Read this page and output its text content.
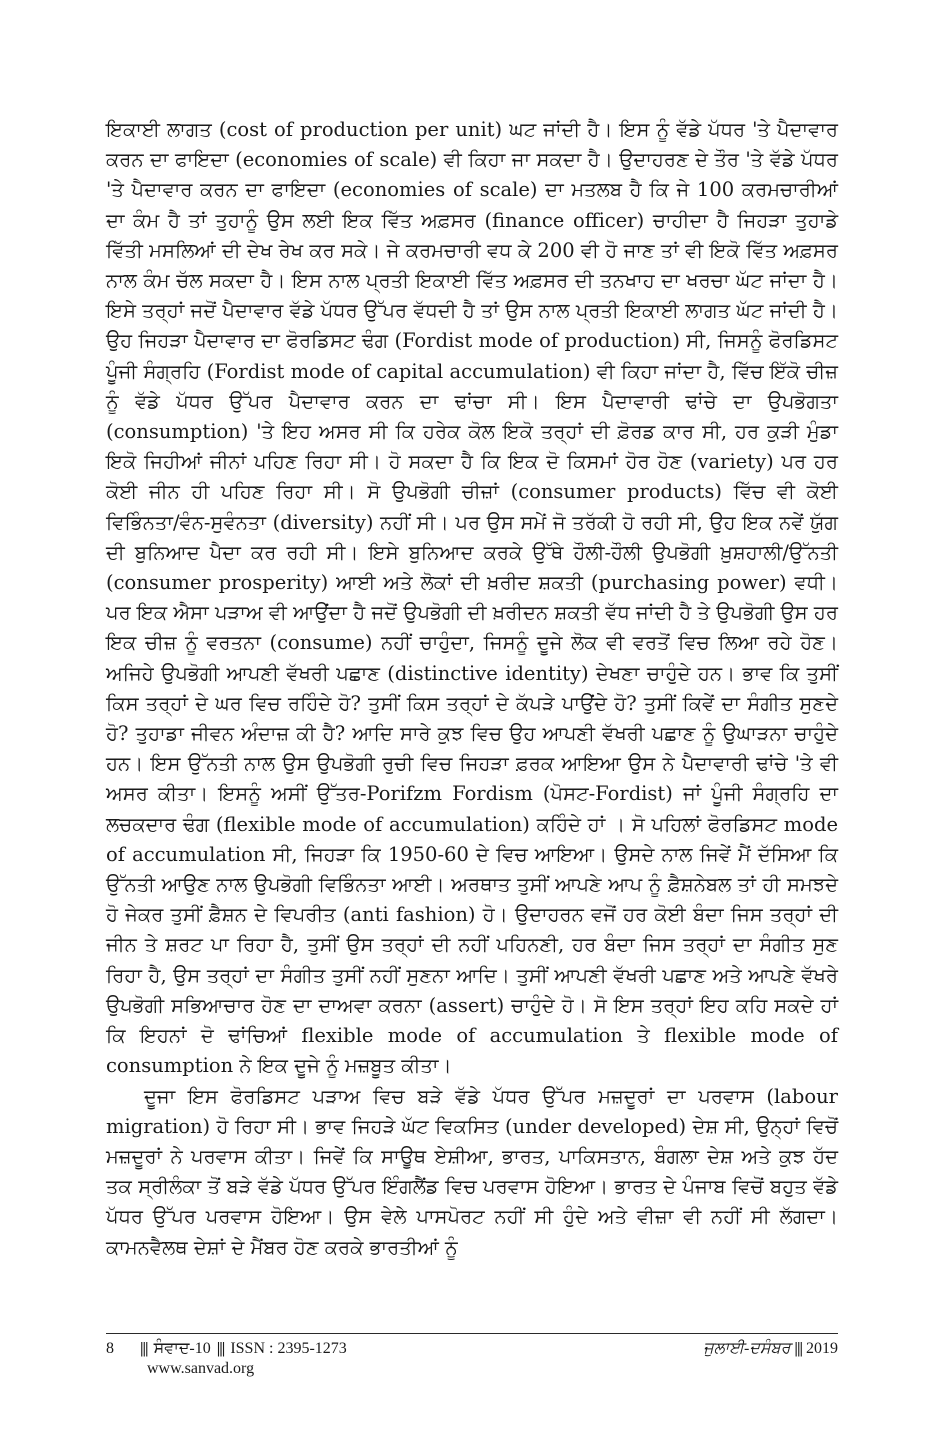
ਇਕਾਈ ਲਾਗਤ (cost of production per unit) ਘਟ ਜਾਂਦੀ ਹੈ। ਇਸ ਨੂੰ ਵੱਡੇ ਪੱਧਰ 'ਤੇ ਪੈਦਾਵਾਰ ਕਰਨ ਦਾ ਫਾਇਦਾ (economies of scale) ਵੀ ਕਿਹਾ ਜਾ ਸਕਦਾ ਹੈ। ਉਦਾਹਰਣ ਦੇ ਤੌਰ 'ਤੇ ਵੱਡੇ ਪੱਧਰ 'ਤੇ ਪੈਦਾਵਾਰ ਕਰਨ ਦਾ ਫਾਇਦਾ (economies of scale) ਦਾ ਮਤਲਬ ਹੈ ਕਿ ਜੇ 100 ਕਰਮਚਾਰੀਆਂ ਦਾ ਕੰਮ ਹੈ ਤਾਂ ਤੁਹਾਨੂੰ ਉਸ ਲਈ ਇਕ ਵਿੱਤ ਅਫ਼ਸਰ (finance officer) ਚਾਹੀਦਾ ਹੈ ਜਿਹੜਾ ਤੁਹਾਡੇ ਵਿੱਤੀ ਮਸਲਿਆਂ ਦੀ ਦੇਖ ਰੇਖ ਕਰ ਸਕੇ। ਜੇ ਕਰਮਚਾਰੀ ਵਧ ਕੇ 200 ਵੀ ਹੋ ਜਾਣ ਤਾਂ ਵੀ ਇਕੋ ਵਿੱਤ ਅਫ਼ਸਰ ਨਾਲ ਕੰਮ ਚੱਲ ਸਕਦਾ ਹੈ। ਇਸ ਨਾਲ ਪ੍ਰਤੀ ਇਕਾਈ ਵਿੱਤ ਅਫ਼ਸਰ ਦੀ ਤਨਖਾਹ ਦਾ ਖਰਚਾ ਘੱਟ ਜਾਂਦਾ ਹੈ। ਇਸੇ ਤਰ੍ਹਾਂ ਜਦੋਂ ਪੈਦਾਵਾਰ ਵੱਡੇ ਪੱਧਰ ਉੱਪਰ ਵੱਧਦੀ ਹੈ ਤਾਂ ਉਸ ਨਾਲ ਪ੍ਰਤੀ ਇਕਾਈ ਲਾਗਤ ਘੱਟ ਜਾਂਦੀ ਹੈ। ਉਹ ਜਿਹੜਾ ਪੈਦਾਵਾਰ ਦਾ ਫੋਰਡਿਸਟ ਢੰਗ (Fordist mode of production) ਸੀ, ਜਿਸਨੂੰ ਫੋਰਡਿਸਟ ਪੂੰਜੀ ਸੰਗ੍ਰਹਿ (Fordist mode of capital accumulation) ਵੀ ਕਿਹਾ ਜਾਂਦਾ ਹੈ, ਵਿੱਚ ਇੱਕੋ ਚੀਜ਼ ਨੂੰ ਵੱਡੇ ਪੱਧਰ ਉੱਪਰ ਪੈਦਾਵਾਰ ਕਰਨ ਦਾ ਢਾਂਚਾ ਸੀ। ਇਸ ਪੈਦਾਵਾਰੀ ਢਾਂਚੇ ਦਾ ਉਪਭੋਗਤਾ (consumption) 'ਤੇ ਇਹ ਅਸਰ ਸੀ ਕਿ ਹਰੇਕ ਕੋਲ ਇਕੋ ਤਰ੍ਹਾਂ ਦੀ ਫ਼ੋਰਡ ਕਾਰ ਸੀ, ਹਰ ਕੁੜੀ ਮੁੰਡਾ ਇਕੋ ਜਿਹੀਆਂ ਜੀਨਾਂ ਪਹਿਣ ਰਿਹਾ ਸੀ। ਹੋ ਸਕਦਾ ਹੈ ਕਿ ਇਕ ਦੋ ਕਿਸਮਾਂ ਹੋਰ ਹੋਣ (variety) ਪਰ ਹਰ ਕੋਈ ਜੀਨ ਹੀ ਪਹਿਣ ਰਿਹਾ ਸੀ। ਸੋ ਉਪਭੋਗੀ ਚੀਜ਼ਾਂ (consumer products) ਵਿੱਚ ਵੀ ਕੋਈ ਵਿਭਿੰਨਤਾ/ਵੰਨ-ਸੁਵੰਨਤਾ (diversity) ਨਹੀਂ ਸੀ। ਪਰ ਉਸ ਸਮੇਂ ਜੋ ਤਰੱਕੀ ਹੋ ਰਹੀ ਸੀ, ਉਹ ਇਕ ਨਵੇਂ ਯੁੱਗ ਦੀ ਬੁਨਿਆਦ ਪੈਦਾ ਕਰ ਰਹੀ ਸੀ। ਇਸੇ ਬੁਨਿਆਦ ਕਰਕੇ ਉੱਥੇ ਹੌਲੀ-ਹੌਲੀ ਉਪਭੋਗੀ ਖ਼ੁਸ਼ਹਾਲੀ/ਉੱਨਤੀ (consumer prosperity) ਆਈ ਅਤੇ ਲੋਕਾਂ ਦੀ ਖ਼ਰੀਦ ਸ਼ਕਤੀ (purchasing power) ਵਧੀ। ਪਰ ਇਕ ਐਸਾ ਪੜਾਅ ਵੀ ਆਉਂਦਾ ਹੈ ਜਦੋਂ ਉਪਭੋਗੀ ਦੀ ਖ਼ਰੀਦਨ ਸ਼ਕਤੀ ਵੱਧ ਜਾਂਦੀ ਹੈ ਤੇ ਉਪਭੋਗੀ ਉਸ ਹਰ ਇਕ ਚੀਜ਼ ਨੂੰ ਵਰਤਨਾ (consume) ਨਹੀਂ ਚਾਹੁੰਦਾ, ਜਿਸਨੂੰ ਦੂਜੇ ਲੋਕ ਵੀ ਵਰਤੋਂ ਵਿਚ ਲਿਆ ਰਹੇ ਹੋਣ। ਅਜਿਹੇ ਉਪਭੋਗੀ ਆਪਣੀ ਵੱਖਰੀ ਪਛਾਣ (distinctive identity) ਦੇਖਣਾ ਚਾਹੁੰਦੇ ਹਨ। ਭਾਵ ਕਿ ਤੁਸੀਂ ਕਿਸ ਤਰ੍ਹਾਂ ਦੇ ਘਰ ਵਿਚ ਰਹਿੰਦੇ ਹੋ? ਤੁਸੀਂ ਕਿਸ ਤਰ੍ਹਾਂ ਦੇ ਕੱਪੜੇ ਪਾਉਂਦੇ ਹੋ? ਤੁਸੀਂ ਕਿਵੇਂ ਦਾ ਸੰਗੀਤ ਸੁਣਦੇ ਹੋ? ਤੁਹਾਡਾ ਜੀਵਨ ਅੰਦਾਜ਼ ਕੀ ਹੈ? ਆਦਿ ਸਾਰੇ ਕੁਝ ਵਿਚ ਉਹ ਆਪਣੀ ਵੱਖਰੀ ਪਛਾਣ ਨੂੰ ਉਘਾੜਨਾ ਚਾਹੁੰਦੇ ਹਨ। ਇਸ ਉੱਨਤੀ ਨਾਲ ਉਸ ਉਪਭੋਗੀ ਰੁਚੀ ਵਿਚ ਜਿਹੜਾ ਫ਼ਰਕ ਆਇਆ ਉਸ ਨੇ ਪੈਦਾਵਾਰੀ ਢਾਂਚੇ 'ਤੇ ਵੀ ਅਸਰ ਕੀਤਾ। ਇਸਨੂੰ ਅਸੀਂ ਉੱਤਰ-Porifzm Fordism (ਪੋਸਟ-Fordist) ਜਾਂ ਪੂੰਜੀ ਸੰਗ੍ਰਹਿ ਦਾ ਲਚਕਦਾਰ ਢੰਗ (flexible mode of accumulation) ਕਹਿੰਦੇ ਹਾਂ । ਸੋ ਪਹਿਲਾਂ ਫੋਰਡਿਸਟ mode of accumulation ਸੀ, ਜਿਹੜਾ ਕਿ 1950-60 ਦੇ ਵਿਚ ਆਇਆ। ਉਸਦੇ ਨਾਲ ਜਿਵੇਂ ਮੈਂ ਦੱਸਿਆ ਕਿ ਉੱਨਤੀ ਆਉਣ ਨਾਲ ਉਪਭੋਗੀ ਵਿਭਿੰਨਤਾ ਆਈ। ਅਰਥਾਤ ਤੁਸੀਂ ਆਪਣੇ ਆਪ ਨੂੰ ਫ਼ੈਸ਼ਨੇਬਲ ਤਾਂ ਹੀ ਸਮਝਦੇ ਹੋ ਜੇਕਰ ਤੁਸੀਂ ਫ਼ੈਸ਼ਨ ਦੇ ਵਿਪਰੀਤ (anti fashion) ਹੋ। ਉਦਾਹਰਨ ਵਜੋਂ ਹਰ ਕੋਈ ਬੰਦਾ ਜਿਸ ਤਰ੍ਹਾਂ ਦੀ ਜੀਨ ਤੇ ਸ਼ਰਟ ਪਾ ਰਿਹਾ ਹੈ, ਤੁਸੀਂ ਉਸ ਤਰ੍ਹਾਂ ਦੀ ਨਹੀਂ ਪਹਿਨਣੀ, ਹਰ ਬੰਦਾ ਜਿਸ ਤਰ੍ਹਾਂ ਦਾ ਸੰਗੀਤ ਸੁਣ ਰਿਹਾ ਹੈ, ਉਸ ਤਰ੍ਹਾਂ ਦਾ ਸੰਗੀਤ ਤੁਸੀਂ ਨਹੀਂ ਸੁਣਨਾ ਆਦਿ। ਤੁਸੀਂ ਆਪਣੀ ਵੱਖਰੀ ਪਛਾਣ ਅਤੇ ਆਪਣੇ ਵੱਖਰੇ ਉਪਭੋਗੀ ਸਭਿਆਚਾਰ ਹੋਣ ਦਾ ਦਾਅਵਾ ਕਰਨਾ (assert) ਚਾਹੁੰਦੇ ਹੋ। ਸੋ ਇਸ ਤਰ੍ਹਾਂ ਇਹ ਕਹਿ ਸਕਦੇ ਹਾਂ ਕਿ ਇਹਨਾਂ ਦੋ ਢਾਂਚਿਆਂ flexible mode of accumulation ਤੇ flexible mode of consumption ਨੇ ਇਕ ਦੂਜੇ ਨੂੰ ਮਜ਼ਬੂਤ ਕੀਤਾ।

ਦੂਜਾ ਇਸ ਫੋਰਡਿਸਟ ਪੜਾਅ ਵਿਚ ਬੜੇ ਵੱਡੇ ਪੱਧਰ ਉੱਪਰ ਮਜ਼ਦੂਰਾਂ ਦਾ ਪਰਵਾਸ (labour migration) ਹੋ ਰਿਹਾ ਸੀ। ਭਾਵ ਜਿਹੜੇ ਘੱਟ ਵਿਕਸਿਤ (under developed) ਦੇਸ਼ ਸੀ, ਉਨ੍ਹਾਂ ਵਿਚੋਂ ਮਜ਼ਦੂਰਾਂ ਨੇ ਪਰਵਾਸ ਕੀਤਾ। ਜਿਵੇਂ ਕਿ ਸਾਊਥ ਏਸ਼ੀਆ, ਭਾਰਤ, ਪਾਕਿਸਤਾਨ, ਬੰਗਲਾ ਦੇਸ਼ ਅਤੇ ਕੁਝ ਹੱਦ ਤਕ ਸ੍ਰੀਲੰਕਾ ਤੋਂ ਬੜੇ ਵੱਡੇ ਪੱਧਰ ਉੱਪਰ ਇੰਗਲੈਂਡ ਵਿਚ ਪਰਵਾਸ ਹੋਇਆ। ਭਾਰਤ ਦੇ ਪੰਜਾਬ ਵਿਚੋਂ ਬਹੁਤ ਵੱਡੇ ਪੱਧਰ ਉੱਪਰ ਪਰਵਾਸ ਹੋਇਆ। ਉਸ ਵੇਲੇ ਪਾਸਪੋਰਟ ਨਹੀਂ ਸੀ ਹੁੰਦੇ ਅਤੇ ਵੀਜ਼ਾ ਵੀ ਨਹੀਂ ਸੀ ਲੱਗਦਾ। ਕਾਮਨਵੈਲਥ ਦੇਸ਼ਾਂ ਦੇ ਮੈਂਬਰ ਹੋਣ ਕਰਕੇ ਭਾਰਤੀਆਂ ਨੂੰ

8 ||| ਸੰਵਾਦ-10 ||| ISSN : 2395-1273
www.sanvad.org
ਜੁਲਾਈ-ਦਸੰਬਰ ||| 2019
